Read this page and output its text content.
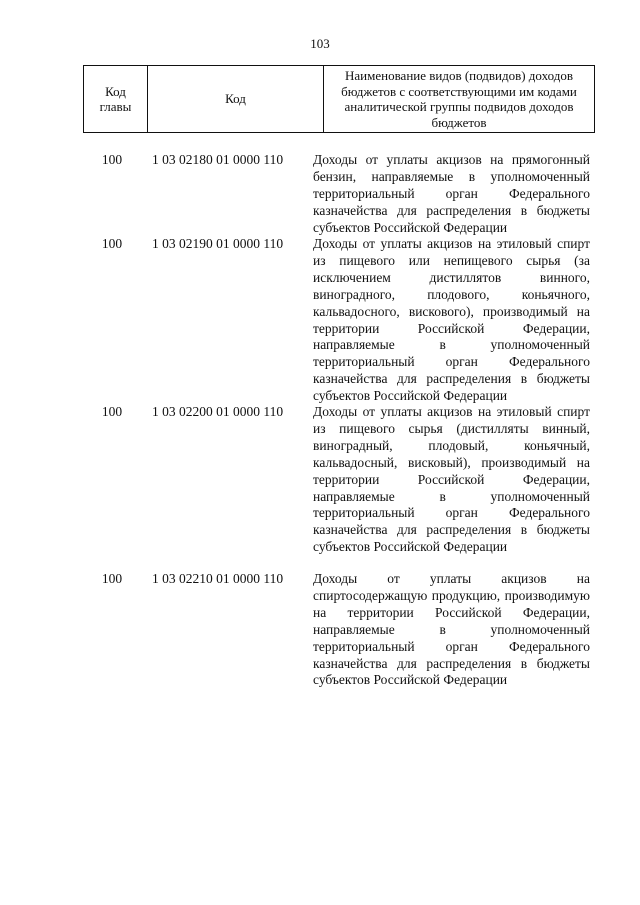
103
Код главы	Код	Наименование видов (подвидов) доходов бюджетов с соответствующими им кодами аналитической группы подвидов доходов бюджетов
100	1 03 02180 01 0000 110	Доходы от уплаты акцизов на прямогонный бензин, направляемые в уполномоченный территориальный орган Федерального казначейства для распределения в бюджеты субъектов Российской Федерации
100	1 03 02190 01 0000 110	Доходы от уплаты акцизов на этиловый спирт из пищевого или непищевого сырья (за исключением дистиллятов винного, виноградного, плодового, коньячного, кальвадосного, вискового), производимый на территории Российской Федерации, направляемые в уполномоченный территориальный орган Федерального казначейства для распределения в бюджеты субъектов Российской Федерации
100	1 03 02200 01 0000 110	Доходы от уплаты акцизов на этиловый спирт из пищевого сырья (дистилляты винный, виноградный, плодовый, коньячный, кальвадосный, висковый), производимый на территории Российской Федерации, направляемые в уполномоченный территориальный орган Федерального казначейства для распределения в бюджеты субъектов Российской Федерации
100	1 03 02210 01 0000 110	Доходы от уплаты акцизов на спиртосодержащую продукцию, производимую на территории Российской Федерации, направляемые в уполномоченный территориальный орган Федерального казначейства для распределения в бюджеты субъектов Российской Федерации
